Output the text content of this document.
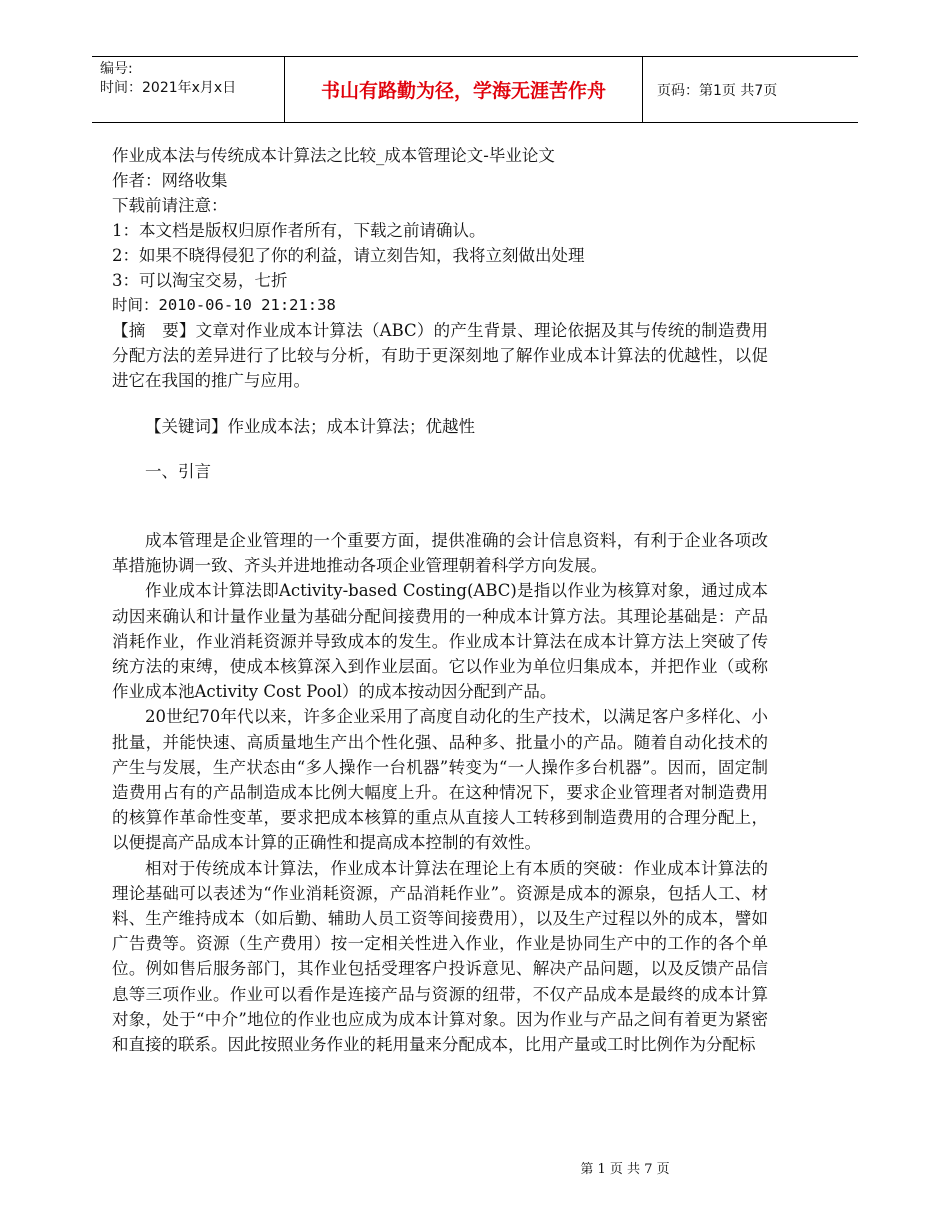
编号:
时间：2021年x月x日	书山有路勤为径，学海无涯苦作舟	页码：第1页 共7页
作业成本法与传统成本计算法之比较_成本管理论文-毕业论文
作者：网络收集
下载前请注意：
1：本文档是版权归原作者所有，下载之前请确认。
2：如果不晓得侵犯了你的利益，请立刻告知，我将立刻做出处理
3：可以淘宝交易，七折
时间：2010-06-10 21:21:38

【摘　要】文章对作业成本计算法（ABC）的产生背景、理论依据及其与传统的制造费用分配方法的差异进行了比较与分析，有助于更深刻地了解作业成本计算法的优越性，以促进它在我国的推广与应用。

【关键词】作业成本法；成本计算法；优越性

一、引言

成本管理是企业管理的一个重要方面，提供准确的会计信息资料，有利于企业各项改革措施协调一致、齐头并进地推动各项企业管理朝着科学方向发展。

作业成本计算法即Activity-based Costing(ABC)是指以作业为核算对象，通过成本动因来确认和计量作业量为基础分配间接费用的一种成本计算方法。其理论基础是：产品消耗作业，作业消耗资源并导致成本的发生。作业成本计算法在成本计算方法上突破了传统方法的束缚，使成本核算深入到作业层面。它以作业为单位归集成本，并把作业（或称作业成本池Activity Cost Pool）的成本按动因分配到产品。

20世纪70年代以来，许多企业采用了高度自动化的生产技术，以满足客户多样化、小批量，并能快速、高质量地生产出个性化强、品种多、批量小的产品。随着自动化技术的产生与发展，生产状态由“多人操作一台机器”转变为“一人操作多台机器”。因而，固定制造费用占有的产品制造成本比例大幅度上升。在这种情况下，要求企业管理者对制造费用的核算作革命性变革，要求把成本核算的重点从直接人工转移到制造费用的合理分配上，以便提高产品成本计算的正确性和提高成本控制的有效性。

相对于传统成本计算法，作业成本计算法在理论上有本质的突破：作业成本计算法的理论基础可以表述为“作业消耗资源，产品消耗作业”。资源是成本的源泉，包括人工、材料、生产维持成本（如后勤、辅助人员工资等间接费用），以及生产过程以外的成本，譬如广告费等。资源（生产费用）按一定相关性进入作业，作业是协同生产中的工作的各个单位。例如售后服务部门，其作业包括受理客户投诉意见、解决产品问题，以及反馈产品信息等三项作业。作业可以看作是连接产品与资源的纽带，不仅产品成本是最终的成本计算对象，处于“中介”地位的作业也应成为成本计算对象。因为作业与产品之间有着更为紧密和直接的联系。因此按照业务作业的耗用量来分配成本，比用产量或工时比例作为分配标

第 1 页 共 7 页
